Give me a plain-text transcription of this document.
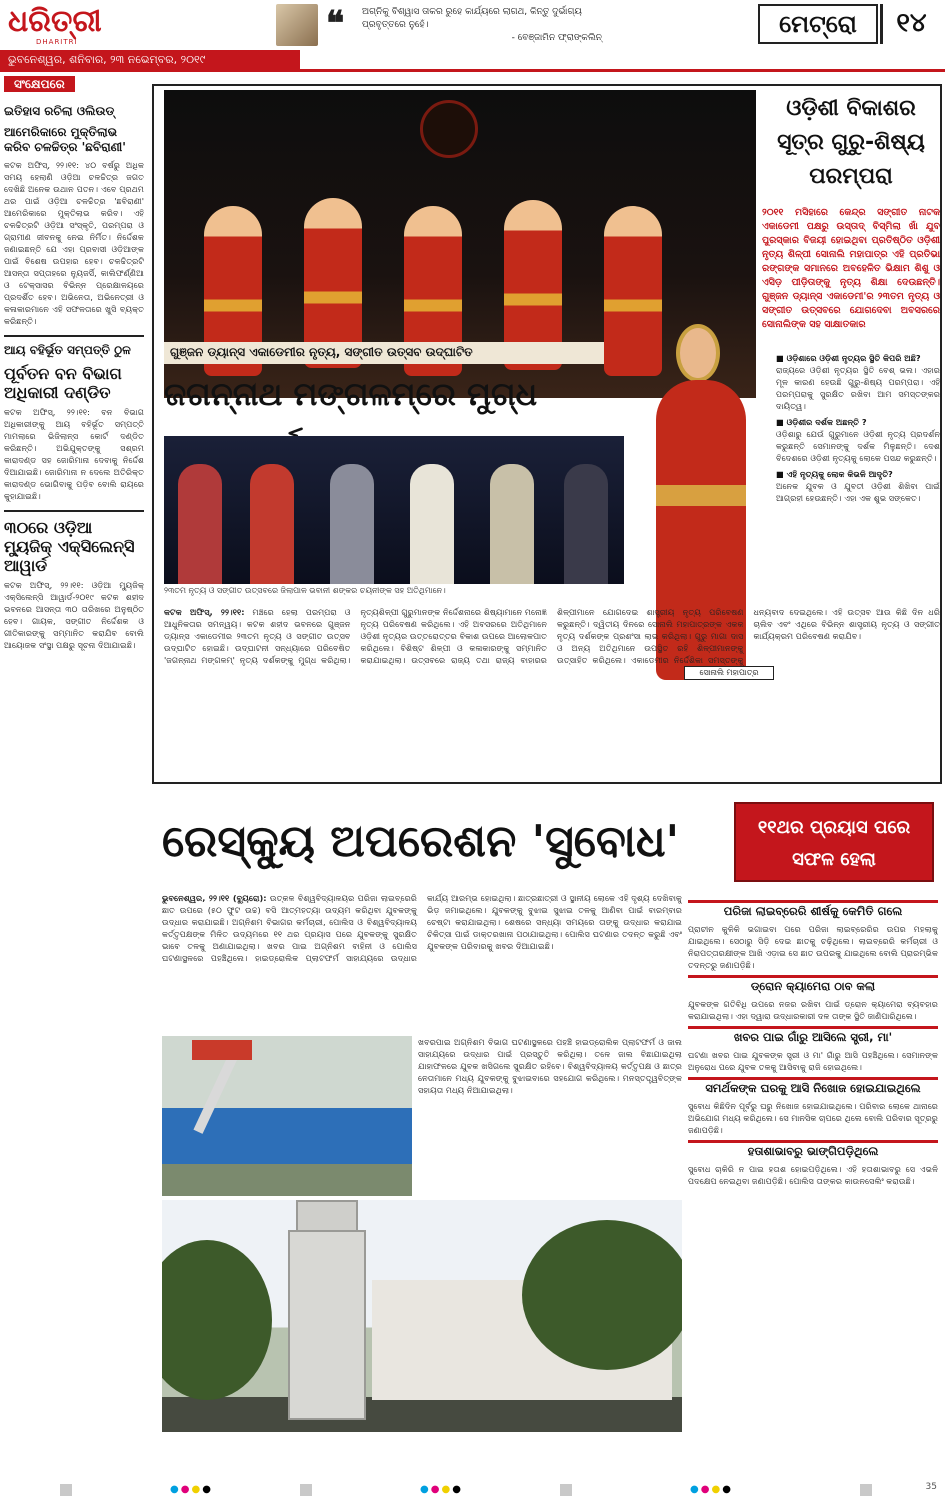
ଧରିତ୍ରୀ
DHARITRI	❝ ଅଗ୍ନିକୁ ବିଶ୍ୱାସ ତାକର ରୁହେ କାର୍ଯ୍ୟରେ ଲାଗଥ, କିନ୍ତୁ ଦୁର୍ଭାଗ୍ୟ ପ୍ରବୃତ୍ତରେ ନୁହେଁ।
- ବେଞ୍ଜାମିନ ଫ୍ରାଙ୍କଲିନ୍	ମେଟ୍ରୋ	୧୪
ଭୁବନେଶ୍ୱର, ଶନିବାର, ୨୩ ନଭେମ୍ବର, ୨୦୧୯
ସଂକ୍ଷେପରେ
ଇତିହାସ ରଚିଲା ଓଲିଉଡ୍
ଆମେରିକାରେ ମୁକ୍ତିଲାଭ କରିବ ଚଳଚ୍ଚିତ୍ର 'ଛବିରାଣୀ'
କଟକ ଅଫିସ୍, ୨୨।୧୧: ୪୦ ବର୍ଷରୁ ଅଧିକ ସମୟ ହେଲାଣି ଓଡ଼ିଆ ଚଳଚ୍ଚିତ୍ର ଜଗତ ଦେଖିଛି ଅନେକ ଉଥାନ ପତନ। ଏବେ ପ୍ରଥମ ଥର ପାଇଁ ଓଡ଼ିଆ ଚଳଚ୍ଚିତ୍ର 'ଛବିରାଣୀ' ଆମେରିକାରେ ମୁକ୍ତିଲାଭ କରିବ। ଏହି ଚଳଚ୍ଚିତ୍ରଟି ଓଡ଼ିଆ ସଂସ୍କୃତି, ପରମ୍ପରା ଓ ଗ୍ରାମୀଣ ଜୀବନକୁ ନେଇ ନିର୍ମିତ। ନିର୍ଦ୍ଦେଶକ ଜଣାଇଛନ୍ତି ଯେ ଏହା ପ୍ରବାସୀ ଓଡ଼ିଆଙ୍କ ପାଇଁ ବିଶେଷ ଉପହାର ହେବ। ଚଳଚ୍ଚିତ୍ରଟି ଆସନ୍ତା ସପ୍ତାହରେ ନ୍ୟୁଜର୍ସି, କାଲିଫର୍ଣ୍ଣିଆ ଓ ଟେକ୍ସାସର ବିଭିନ୍ନ ପ୍ରେକ୍ଷାଳୟରେ ପ୍ରଦର୍ଶିତ ହେବ। ଅଭିନେତା, ଅଭିନେତ୍ରୀ ଓ କଳାକାରମାନେ ଏହି ସଫଳତାରେ ଖୁସି ବ୍ୟକ୍ତ କରିଛନ୍ତି।
ଆୟ ବହିର୍ଭୂତ ସମ୍ପତ୍ତି ଠୁଳ
ପୂର୍ବତନ ବନ ବିଭାଗ ଅଧିକାରୀ ଦଣ୍ଡିତ
କଟକ ଅଫିସ୍, ୨୨।୧୧: ବନ ବିଭାଗ ଅଧିକାରୀଙ୍କୁ ଆୟ ବହିର୍ଭୂତ ସମ୍ପତ୍ତି ମାମଲାରେ ଭିଜିଲାନ୍ସ କୋର୍ଟ ଦଣ୍ଡିତ କରିଛନ୍ତି। ଅଭିଯୁକ୍ତଙ୍କୁ ସଶ୍ରମ କାରାଦଣ୍ଡ ସହ ଜୋରିମାନା ଦେବାକୁ ନିର୍ଦ୍ଦେଶ ଦିଆଯାଇଛି। ଜୋରିମାନା ନ ଦେଲେ ଅତିରିକ୍ତ କାରାଦଣ୍ଡ ଭୋଗିବାକୁ ପଡ଼ିବ ବୋଲି ରାୟରେ କୁହାଯାଇଛି।
୩୦ରେ ଓଡ଼ିଆ ମ୍ୟୁଜିକ୍ ଏକ୍ସିଲେନ୍ସି ଆୱାର୍ଡ
କଟକ ଅଫିସ୍, ୨୨।୧୧: ଓଡ଼ିଆ ମ୍ୟୁଜିକ୍ ଏକ୍ସିଲେନ୍ସି ଆୱାର୍ଡ-୨୦୧୯ କଟକ ଶହୀଦ ଭବନରେ ଆସନ୍ତା ୩୦ ତାରିଖରେ ଅନୁଷ୍ଠିତ ହେବ। ଗାୟକ, ସଙ୍ଗୀତ ନିର୍ଦ୍ଦେଶକ ଓ ଗୀତିକାରଙ୍କୁ ସମ୍ମାନିତ କରାଯିବ ବୋଲି ଆୟୋଜକ ସଂସ୍ଥା ପକ୍ଷରୁ ସୂଚନା ଦିଆଯାଇଛି।
ଓଡ଼ିଶୀ ବିକାଶର ସୂତ୍ର ଗୁରୁ-ଶିଷ୍ୟ ପରମ୍ପରା
୨୦୧୧ ମସିହାରେ କେନ୍ଦ୍ର ସଙ୍ଗୀତ ନାଟକ ଏକାଡେମୀ ପକ୍ଷରୁ ଉସ୍ତାଦ୍ ବିସ୍ମିଲା ଖାଁ ଯୁବ ପୁରସ୍କାର ବିଜୟୀ ହୋଇଥିବା ପ୍ରତିଷ୍ଠିତ ଓଡ଼ିଶୀ ନୃତ୍ୟ ଶିଳ୍ପୀ ସୋନାଲି ମହାପାତ୍ର ଏହି ପ୍ରତିଭା ରଙ୍ଗଙ୍କ ସମାନରେ ଅବହେଳିତ ଭିକ୍ଷାମ ଶିଶୁ ଓ ଏସିଡ଼ ପୀଡ଼ିତାଙ୍କୁ ନୃତ୍ୟ ଶିକ୍ଷା ଦେଉଛନ୍ତି। ଗୁଞ୍ଜନ ଡ୍ୟାନ୍ସ ଏକାଡେମୀ'ର ୨୩ତମ ନୃତ୍ୟ ଓ ସଙ୍ଗୀତ ଉତ୍ସବରେ ଯୋଗଦେବା ଅବସରରେ ସୋନାଲିଙ୍କ ସହ ସାକ୍ଷାତକାର
ଗୁଞ୍ଜନ ଡ୍ୟାନ୍ସ ଏକାଡେମୀର ନୃତ୍ୟ, ସଙ୍ଗୀତ ଉତ୍ସବ ଉଦ୍‌ଘାଟିତ
ଜଗନ୍ନାଥ ମଙ୍ଗଳମ୍‌ରେ ମୁଗ୍ଧ
୨୩ତମ ନୃତ୍ୟ ଓ ସଙ୍ଗୀତ ଉତ୍ସବରେ ଜିଲାପାଳ ଭବାନୀ ଶଙ୍କର ଚୟନୀଙ୍କ ସହ ଅତିଥିମାନେ।
ସୋନାଲି ମହାପାତ୍ର
■ ଓଡ଼ିଶାରେ ଓଡ଼ିଶୀ ନୃତ୍ୟର ସ୍ଥିତି କିପରି ଅଛି?
ରାଜ୍ୟରେ ଓଡ଼ିଶୀ ନୃତ୍ୟର ସ୍ଥିତି ବେଶ୍ ଭଲ। ଏହାର ମୂଳ କାରଣ ହେଉଛି ଗୁରୁ-ଶିଷ୍ୟ ପରମ୍ପରା। ଏହି ପରମ୍ପରାକୁ ସୁରକ୍ଷିତ ରଖିବା ଆମ ସମସ୍ତଙ୍କର ଦାୟିତ୍ୱ।
■ ଓଡ଼ିଶୀର ଦର୍ଶକ ଅଛନ୍ତି ?
ଓଡ଼ିଶାରୁ ଯେଉଁ ଗୁରୁମାନେ ଓଡ଼ିଶୀ ନୃତ୍ୟ ପ୍ରଦର୍ଶନ କରୁଛନ୍ତି ସେମାନଙ୍କୁ ଦର୍ଶକ ମିଳୁଛନ୍ତି। ଦେଶ ବିଦେଶରେ ଓଡ଼ିଶୀ ନୃତ୍ୟକୁ ଲୋକେ ପସନ୍ଦ କରୁଛନ୍ତି।
■ ଏହି ନୃତ୍ୟକୁ ଲୋକ କିଭଳି ଆଦୃତି?
ଅନେକ ଯୁବକ ଓ ଯୁବତୀ ଓଡ଼ିଶୀ ଶିଖିବା ପାଇଁ ଆଗ୍ରହୀ ହେଉଛନ୍ତି। ଏହା ଏକ ଶୁଭ ସଙ୍କେତ।
କଟକ ଅଫିସ୍, ୨୨।୧୧: ମଞ୍ଚରେ ହେଲା ପରମ୍ପରା ଓ ଆଧୁନିକତାର ସମନ୍ୱୟ। କଟକ ଶହୀଦ ଭବନରେ ଗୁଞ୍ଜନ ଡ୍ୟାନ୍ସ ଏକାଡେମୀର ୨୩ତମ ନୃତ୍ୟ ଓ ସଙ୍ଗୀତ ଉତ୍ସବ ଉଦ୍‌ଘାଟିତ ହୋଇଛି। ଉଦ୍‌ଘାଟନୀ ସନ୍ଧ୍ୟାରେ ପରିବେଷିତ 'ଜଗନ୍ନାଥ ମଙ୍ଗଳମ୍' ନୃତ୍ୟ ଦର୍ଶକଙ୍କୁ ମୁଗ୍ଧ କରିଥିଲା। ନୃତ୍ୟଶିଳ୍ପୀ ଗୁରୁମାନଙ୍କ ନିର୍ଦ୍ଦେଶନାରେ ଶିଷ୍ୟାମାନେ ମନୋଜ୍ଞ ନୃତ୍ୟ ପରିବେଷଣ କରିଥିଲେ। ଏହି ଅବସରରେ ଅତିଥିମାନେ ଓଡ଼ିଶୀ ନୃତ୍ୟର ଉତ୍ତରୋତ୍ତର ବିକାଶ ଉପରେ ଆଲୋକପାତ କରିଥିଲେ। ବିଶିଷ୍ଟ ଶିଳ୍ପୀ ଓ କଳାକାରଙ୍କୁ ସମ୍ମାନିତ କରାଯାଇଥିଲା। ଉତ୍ସବରେ ରାଜ୍ୟ ତଥା ରାଜ୍ୟ ବାହାରର ଶିଳ୍ପୀମାନେ ଯୋଗଦେଇ ଶାସ୍ତ୍ରୀୟ ନୃତ୍ୟ ପରିବେଷଣ କରୁଛନ୍ତି। ଦ୍ୱିତୀୟ ଦିନରେ ସୋନାଲି ମହାପାତ୍ରଙ୍କ ଏକକ ନୃତ୍ୟ ଦର୍ଶକଙ୍କ ପ୍ରଶଂସା ଲାଭ କରିଥିଲା। ଗୁରୁ ମାଗା ଦାସ ଓ ଅନ୍ୟ ଅତିଥିମାନେ ଉପସ୍ଥିତ ରହି ଶିଳ୍ପୀମାନଙ୍କୁ ଉତ୍ସାହିତ କରିଥିଲେ। ଏକାଡେମୀର ନିର୍ଦ୍ଦେଶିକା ସମସ୍ତଙ୍କୁ ଧନ୍ୟବାଦ ଦେଇଥିଲେ। ଏହି ଉତ୍ସବ ଆଉ କିଛି ଦିନ ଧରି ଚାଲିବ ଏବଂ ଏଥିରେ ବିଭିନ୍ନ ଶାସ୍ତ୍ରୀୟ ନୃତ୍ୟ ଓ ସଙ୍ଗୀତ କାର୍ଯ୍ୟକ୍ରମ ପରିବେଷଣ କରାଯିବ।
ରେସ୍କ୍ୟୁ ଅପରେଶନ 'ସୁବୋଧ'	୧୧ଥର ପ୍ରୟାସ ପରେ ସଫଳ ହେଲା
ଭୁବନେଶ୍ୱର, ୨୨।୧୧ (ବ୍ୟୁରୋ): ଉତ୍କଳ ବିଶ୍ୱବିଦ୍ୟାଳୟର ପରିଜା ଲାଇବ୍ରେରି ଛାତ ଉପରେ (୫୦ ଫୁଟ ଉଚ୍ଚ) ବସି ଆତ୍ମହତ୍ୟା ଉଦ୍ୟମ କରିଥିବା ଯୁବକଙ୍କୁ ଉଦ୍ଧାର କରାଯାଇଛି। ଅଗ୍ନିଶମ ବିଭାଗର କର୍ମଚାରୀ, ପୋଲିସ ଓ ବିଶ୍ୱବିଦ୍ୟାଳୟ କର୍ତ୍ତୃପକ୍ଷଙ୍କ ମିଳିତ ଉଦ୍ୟମରେ ୧୧ ଥର ପ୍ରୟାସ ପରେ ଯୁବକଙ୍କୁ ସୁରକ୍ଷିତ ଭାବେ ତଳକୁ ଅଣାଯାଇଥିଲା। ଖବର ପାଇ ଅଗ୍ନିଶମ ବାହିନୀ ଓ ପୋଲିସ ଘଟଣାସ୍ଥଳରେ ପହଞ୍ଚିଥିଲେ। ହାଇଡ୍ରୋଲିକ ପ୍ଲାଟଫର୍ମ ସାହାଯ୍ୟରେ ଉଦ୍ଧାର କାର୍ଯ୍ୟ ଆରମ୍ଭ ହୋଇଥିଲା। ଛାତ୍ରଛାତ୍ରୀ ଓ ସ୍ଥାନୀୟ ଲୋକେ ଏହି ଦୃଶ୍ୟ ଦେଖିବାକୁ ଭିଡ଼ ଜମାଇଥିଲେ। ଯୁବକଙ୍କୁ ବୁଝାଇ ସୁଝାଇ ତଳକୁ ଆଣିବା ପାଇଁ ବାରମ୍ବାର ଚେଷ୍ଟା କରାଯାଇଥିଲା। ଶେଷରେ ସନ୍ଧ୍ୟା ସମୟରେ ତାଙ୍କୁ ଉଦ୍ଧାର କରାଯାଇ ଚିକିତ୍ସା ପାଇଁ ଡାକ୍ତରଖାନା ପଠାଯାଇଥିଲା। ପୋଲିସ ଘଟଣାର ତଦନ୍ତ କରୁଛି ଏବଂ ଯୁବକଙ୍କ ପରିବାରକୁ ଖବର ଦିଆଯାଇଛି।
ଖବରପାଇ ଅଗ୍ନିଶମ ବିଭାଗ ଘଟଣାସ୍ଥଳରେ ପହଞ୍ଚି ହାଇଡ୍ରୋଲିକ ପ୍ଲାଟଫର୍ମ ଓ ଜାଲ ସାହାଯ୍ୟରେ ଉଦ୍ଧାର ପାଇଁ ପ୍ରସ୍ତୁତି କରିଥିଲା। ତଳେ ଜାଲ ବିଛାଯାଇଥିଲା ଯାହାଫଳରେ ଯୁବକ ଖସିଗଲେ ସୁରକ୍ଷିତ ରହିବେ। ବିଶ୍ୱବିଦ୍ୟାଳୟ କର୍ତ୍ତୃପକ୍ଷ ଓ ଛାତ୍ର ନେତାମାନେ ମଧ୍ୟ ଯୁବକଙ୍କୁ ବୁଝାଇବାରେ ସହଯୋଗ କରିଥିଲେ। ମନସ୍ତତ୍ତ୍ୱବିତ୍‌ଙ୍କ ସହାୟତା ମଧ୍ୟ ନିଆଯାଇଥିଲା।
ପରିଜା ଲାଇବ୍ରେରି ଶୀର୍ଷକୁ କେମିତି ଗଲେ
ପ୍ରାଚୀନ କୁଳିକି ଭଗାଇବା ପରେ ପରିଜା ଲାଇବ୍ରେରିର ଉପର ମହଲାକୁ ଯାଇଥିଲେ। ସେଠାରୁ ସିଡ଼ି ଦେଇ ଛାତକୁ ଚଢ଼ିଥିଲେ। ଲାଇବ୍ରେରି କର୍ମଚାରୀ ଓ ନିରାପତ୍ତାରକ୍ଷୀଙ୍କ ଆଖି ଏଡ଼ାଇ ସେ ଛାତ ଉପରକୁ ଯାଇଥିଲେ ବୋଲି ପ୍ରାରମ୍ଭିକ ତଦନ୍ତରୁ ଜଣାପଡ଼ିଛି।
ଡ୍ରୋନ କ୍ୟାମେରା ଠାବ କଲା
ଯୁବକଙ୍କ ଗତିବିଧି ଉପରେ ନଜର ରଖିବା ପାଇଁ ଡ୍ରୋନ କ୍ୟାମେରା ବ୍ୟବହାର କରାଯାଇଥିଲା। ଏହା ଦ୍ୱାରା ଉଦ୍ଧାରକାରୀ ଦଳ ତାଙ୍କ ସ୍ଥିତି ଜାଣିପାରିଥିଲେ।
ଖବର ପାଇ ଗାଁରୁ ଆସିଲେ ସ୍ତ୍ରୀ, ମା'
ଘଟଣା ଖବର ପାଇ ଯୁବକଙ୍କ ସ୍ତ୍ରୀ ଓ ମା' ଗାଁରୁ ଆସି ପହଞ୍ଚିଥିଲେ। ସେମାନଙ୍କ ଅନୁରୋଧ ପରେ ଯୁବକ ତଳକୁ ଆସିବାକୁ ରାଜି ହୋଇଥିଲେ।
ସମର୍ଥକଙ୍କ ଘରକୁ ଆସି ନିଖୋଜ ହୋଇଯାଇଥିଲେ
ସୁବୋଧ କିଛିଦିନ ପୂର୍ବରୁ ଘରୁ ନିଖୋଜ ହୋଇଯାଇଥିଲେ। ପରିବାର ଲୋକେ ଥାନାରେ ଅଭିଯୋଗ ମଧ୍ୟ କରିଥିଲେ। ସେ ମାନସିକ ଚାପରେ ଥିଲେ ବୋଲି ପରିବାର ସୂତ୍ରରୁ ଜଣାପଡ଼ିଛି।
ହତାଶାଭାବରୁ ଭାଙ୍ଗିପଡ଼ିଥିଲେ
ସୁବୋଧ ଚାକିରି ନ ପାଇ ହତାଶ ହୋଇପଡ଼ିଥିଲେ। ଏହି ହତାଶାଭାବରୁ ସେ ଏଭଳି ପଦକ୍ଷେପ ନେଇଥିବା ଜଣାପଡ଼ିଛି। ପୋଲିସ ତାଙ୍କର କାଉନସେଲିଂ କରାଉଛି।
●●●●	●●●●	●●●●	35
